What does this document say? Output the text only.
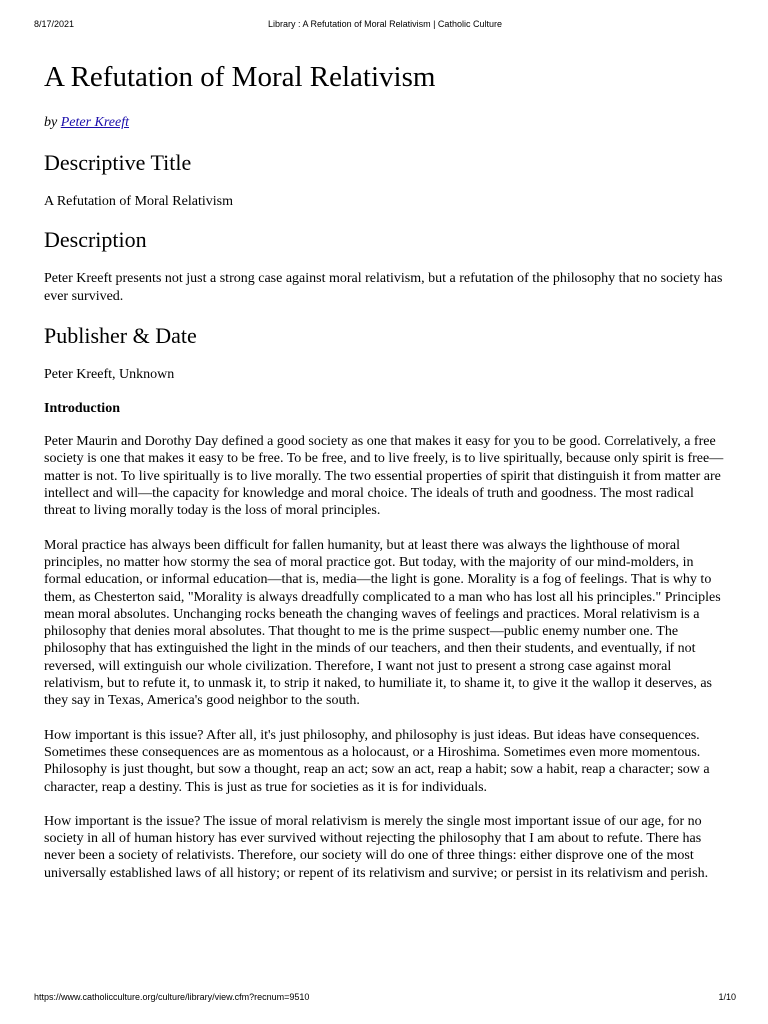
8/17/2021	Library : A Refutation of Moral Relativism | Catholic Culture
A Refutation of Moral Relativism
by Peter Kreeft
Descriptive Title

A Refutation of Moral Relativism

Description

Peter Kreeft presents not just a strong case against moral relativism, but a refutation of the philosophy that no society has ever survived.

Publisher & Date

Peter Kreeft, Unknown

Introduction

Peter Maurin and Dorothy Day defined a good society as one that makes it easy for you to be good. Correlatively, a free society is one that makes it easy to be free. To be free, and to live freely, is to live spiritually, because only spirit is free—matter is not. To live spiritually is to live morally. The two essential properties of spirit that distinguish it from matter are intellect and will—the capacity for knowledge and moral choice. The ideals of truth and goodness. The most radical threat to living morally today is the loss of moral principles.

Moral practice has always been difficult for fallen humanity, but at least there was always the lighthouse of moral principles, no matter how stormy the sea of moral practice got. But today, with the majority of our mind-molders, in formal education, or informal education—that is, media—the light is gone. Morality is a fog of feelings. That is why to them, as Chesterton said, "Morality is always dreadfully complicated to a man who has lost all his principles." Principles mean moral absolutes. Unchanging rocks beneath the changing waves of feelings and practices. Moral relativism is a philosophy that denies moral absolutes. That thought to me is the prime suspect—public enemy number one. The philosophy that has extinguished the light in the minds of our teachers, and then their students, and eventually, if not reversed, will extinguish our whole civilization. Therefore, I want not just to present a strong case against moral relativism, but to refute it, to unmask it, to strip it naked, to humiliate it, to shame it, to give it the wallop it deserves, as they say in Texas, America's good neighbor to the south.

How important is this issue? After all, it's just philosophy, and philosophy is just ideas. But ideas have consequences. Sometimes these consequences are as momentous as a holocaust, or a Hiroshima. Sometimes even more momentous. Philosophy is just thought, but sow a thought, reap an act; sow an act, reap a habit; sow a habit, reap a character; sow a character, reap a destiny. This is just as true for societies as it is for individuals.

How important is the issue? The issue of moral relativism is merely the single most important issue of our age, for no society in all of human history has ever survived without rejecting the philosophy that I am about to refute. There has never been a society of relativists. Therefore, our society will do one of three things: either disprove one of the most universally established laws of all history; or repent of its relativism and survive; or persist in its relativism and perish.

https://www.catholicculture.org/culture/library/view.cfm?recnum=9510	1/10
